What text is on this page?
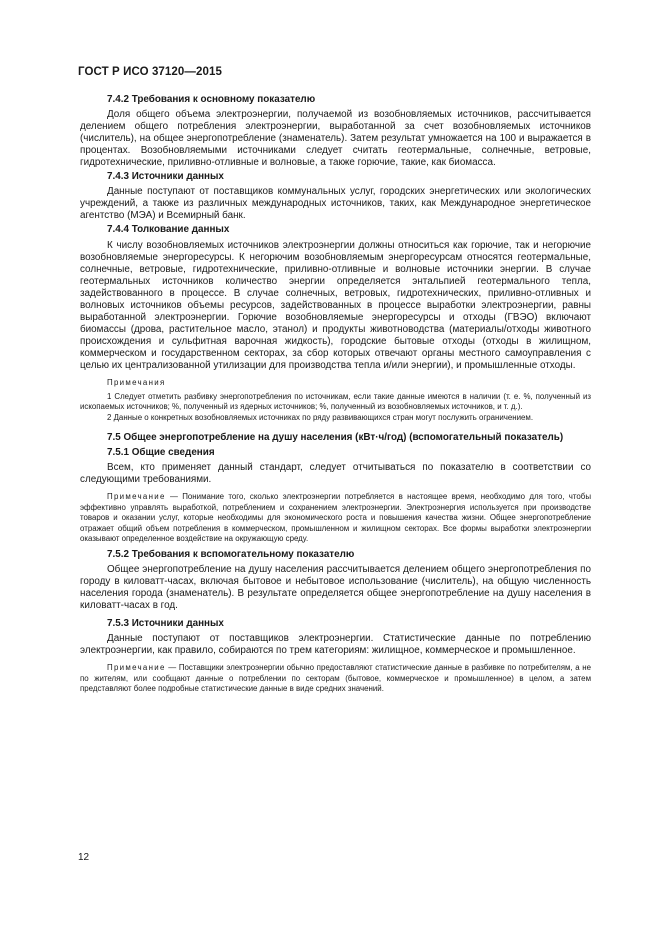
ГОСТ Р ИСО 37120—2015

7.4.2 Требования к основному показателю

Доля общего объема электроэнергии, получаемой из возобновляемых источников, рассчитывается делением общего потребления электроэнергии, выработанной за счет возобновляемых источников (числитель), на общее энергопотребление (знаменатель). Затем результат умножается на 100 и выражается в процентах. Возобновляемыми источниками следует считать геотермальные, солнечные, ветровые, гидротехнические, приливно-отливные и волновые, а также горючие, такие, как биомасса.

7.4.3 Источники данных

Данные поступают от поставщиков коммунальных услуг, городских энергетических или экологических учреждений, а также из различных международных источников, таких, как Международное энергетическое агентство (МЭА) и Всемирный банк.

7.4.4 Толкование данных

К числу возобновляемых источников электроэнергии должны относиться как горючие, так и негорючие возобновляемые энергоресурсы. К негорючим возобновляемым энергоресурсам относятся геотермальные, солнечные, ветровые, гидротехнические, приливно-отливные и волновые источники энергии. В случае геотермальных источников количество энергии определяется энтальпией геотермального тепла, задействованного в процессе. В случае солнечных, ветровых, гидротехнических, приливно-отливных и волновых источников объемы ресурсов, задействованных в процессе выработки электроэнергии, равны выработанной электроэнергии. Горючие возобновляемые энергоресурсы и отходы (ГВЭО) включают биомассы (дрова, растительное масло, этанол) и продукты животноводства (материалы/отходы животного происхождения и сульфитная варочная жидкость), городские бытовые отходы (отходы в жилищном, коммерческом и государственном секторах, за сбор которых отвечают органы местного самоуправления с целью их централизованной утилизации для производства тепла и/или энергии), и промышленные отходы.

Примечания

1 Следует отметить разбивку энергопотребления по источникам, если такие данные имеются в наличии (т. е. %, полученный из ископаемых источников; %, полученный из ядерных источников; %, полученный из возобновляемых источников, и т. д.).

2 Данные о конкретных возобновляемых источниках по ряду развивающихся стран могут послужить ограничением.

7.5 Общее энергопотребление на душу населения (кВт·ч/год) (вспомогательный показатель)

7.5.1 Общие сведения

Всем, кто применяет данный стандарт, следует отчитываться по показателю в соответствии со следующими требованиями.

Примечание — Понимание того, сколько электроэнергии потребляется в настоящее время, необходимо для того, чтобы эффективно управлять выработкой, потреблением и сохранением электроэнергии. Электроэнергия используется при производстве товаров и оказании услуг, которые необходимы для экономического роста и повышения качества жизни. Общее энергопотребление отражает общий объем потребления в коммерческом, промышленном и жилищном секторах. Все формы выработки электроэнергии оказывают определенное воздействие на окружающую среду.

7.5.2 Требования к вспомогательному показателю

Общее энергопотребление на душу населения рассчитывается делением общего энергопотребления по городу в киловатт-часах, включая бытовое и небытовое использование (числитель), на общую численность населения города (знаменатель). В результате определяется общее энергопотребление на душу населения в киловатт-часах в год.

7.5.3 Источники данных

Данные поступают от поставщиков электроэнергии. Статистические данные по потреблению электроэнергии, как правило, собираются по трем категориям: жилищное, коммерческое и промышленное.

Примечание — Поставщики электроэнергии обычно предоставляют статистические данные в разбивке по потребителям, а не по жителям, или сообщают данные о потреблении по секторам (бытовое, коммерческое и промышленное) в целом, а затем представляют более подробные статистические данные в виде средних значений.

12
